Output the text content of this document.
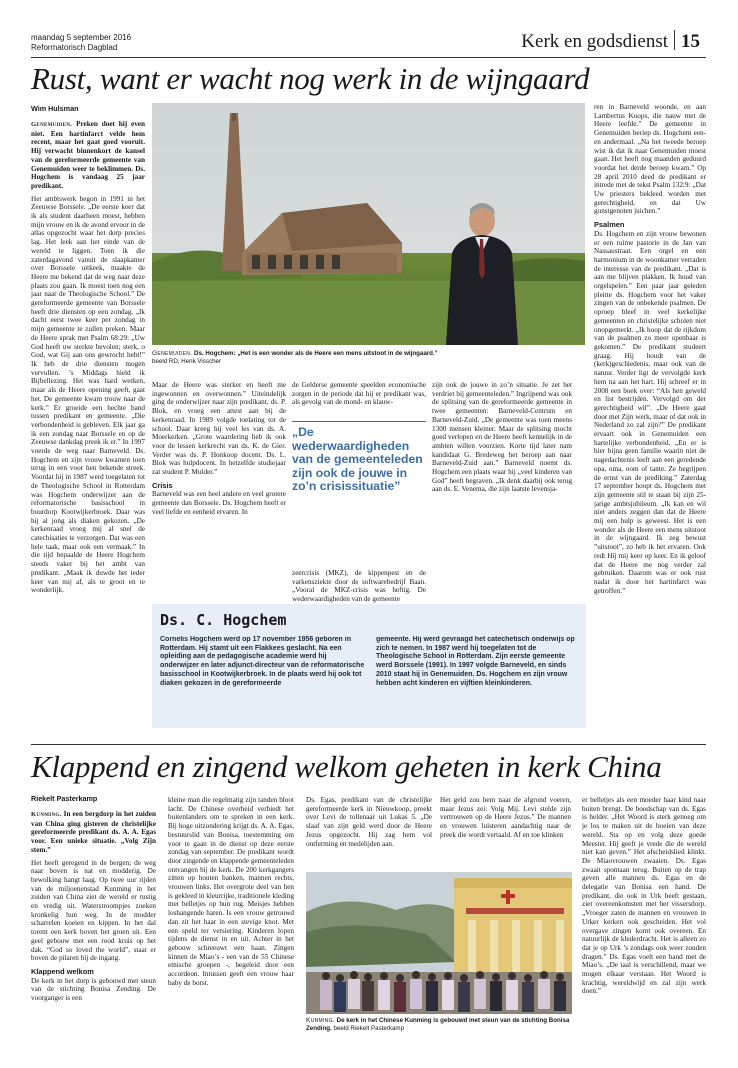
maandag 5 september 2016
Reformatorisch Dagblad	Kerk en godsdienst 15
Rust, want er wacht nog werk in de wijngaard
Wim Hulsman

Genemuiden. Preken doet hij even niet. Een hartinfarct velde hem recent, maar het gaat goed vooruit. Hij verwacht binnenkort de kansel van de gereformeerde gemeente van Genemuiden weer te beklimmen. Ds. Hogchem is vandaag 25 jaar predikant.

Het ambtswerk begon in 1991 in het Zeeuwse Borssele. „De eerste keer dat ik als student daarheen moest, hebben mijn vrouw en ik de avond ervoor in de atlas opgezocht waar het dorp precies lag. Het leek aan het einde van de wereld te liggen. Toen ik die zaterdagavond vanuit de slaapkamer over Borssele uitkeek, maakte de Heere me bekend dat de weg naar deze plaats zou gaan. Ik moest toen nog een jaar naar de Theologische School.” De gereformeerde gemeente van Borssele heeft drie diensten op een zondag. „Ik dacht eerst twee keer per zondag in mijn gemeente te zullen preken. Maar de Heere sprak met Psalm 68:29: „Uw God heeft uw sterkte bevolen; sterk, o God, wat Gij aan ons gewrocht hebt!” Ik heb de drie diensten mogen vervullen. ’s Middags hield ik Bijbellezing. Het was hard werken, maar als de Heere opening geeft, gaat het. De gemeente kwam trouw naar de kerk.” Er groeide een hechte band tussen predikant en gemeente. „Die verbondenheid is gebleven. Elk jaar ga ik een zondag naar Borssele en op de Zeeuwse dankdag preek ik er.” In 1997 voerde de weg naar Barneveld. Ds. Hogchem en zijn vrouw kwamen toen terug in een voor hen bekende streek. Voordat hij in 1987 werd toegelaten tot de Theologische School in Rotterdam was Hogchem onderwijzer aan de reformatorische basisschool in buurdorp Kootwijkerbroek. Daar was hij al jong als diaken gekozen. „De kerkenraad vroeg mij al snel de catechisaties te verzorgen. Dat was een hele taak, maar ook een vermaak.” In die tijd bepaalde de Heere Hogchem steeds vaker bij het ambt van predikant. „Maak ik duwde het ieder keer van mij af, als te groot en te wonderlijk.

Genemuiden. Ds. Hogchem: „Het is een wonder als de Heere een mens uitstoot in de wijngaard.”
beeld RD, Henk Visscher

Maar de Heere was sterker en heeft me ingewonnen en overwonnen.” Uiteindelijk ging de onderwijzer naar zijn predikant, ds. P. Blok, en vroeg een attest aan bij de kerkenraad. In 1989 volgde toelating tot de school. Daar kreeg hij veel les van ds. A. Moerkerken. „Grote waardering heb ik ook voor de lessen kerkrecht van ds. K. de Gier. Verder was ds. P. Honkoop docent. Ds. L. Blok was hulpdocent. In hetzelfde studiejaar zat student P. Mulder.”

Crisis

Barneveld was een heel andere en veel grotere gemeente dan Borssele. Ds. Hogchem heeft er veel liefde en eenheid ervaren. In

de Gelderse gemeente speelden economische zorgen in de periode dat hij er predikant was, als gevolg van de mond- en klauw-

„De wederwaardigheden van de gemeenteleden zijn ook de jouwe in zo’n crisissituatie”

zeercrisis (MKZ), de kippenpest en de varkensziekte door de softwarebedrijf Baan. „Vooral de MKZ-crisis was heftig. De wederwaardigheden van de gemeente

zijn ook de jouwe in zo’n situatie. Je zet het verdriet bij gemeenteleden.” Ingrijpend was ook de splitsing van de gereformeerde gemeente in twee gemeenten: Barneveld-Centrum en Barneveld-Zuid. „De gemeente was toen meens 1300 mensen kleiner. Maar de splitsing mocht goed verlopen en de Heere heeft kennelijk in de ambten willen voorzien. Korte tijd later nam kandidaat G. Bredeweg het beroep aan naar Barneveld-Zuid aan.” Barneveld noemt ds. Hogchem een plaats waar hij „veel kinderen van God” heeft begraven. „Ik denk daarbij ook terug aan ds. E. Venema, die zijn laatste levensja-

ren in Barneveld woonde, en aan Lambertus Koops, die nauw met de Heere leefde.” De gemeente in Genemuiden beriep ds. Hogchem een- en andermaal. „Na het tweede beroep wist ik dat ik naar Genemuiden moest gaan. Het heeft nog maanden geduurd voordat het derde beroep kwam.” Op 28 april 2010 deed de predikant er intrede met de tekst Psalm 132:9: „Dat Uw priesters bekleed worden met gerechtigheid, en dat Uw gunstgenoten juichen.”

Psalmen

Ds. Hogchem en zijn vrouw bewonen er een ruime pastorie in de Jan van Nassaustraat. Een orgel en een harmonium in de woonkamer verraden de interesse van de predikant. „Dat is aan me blijven plakken. Ik houd van orgelspelen.” Een paar jaar geleden pleitte ds. Hogchem voor het vaker zingen van de onbekende psalmen. De oproep bleef in veel kerkelijke gemeenten en christelijke scholen niet onopgemerkt. „Ik hoop dat de rijkdom van de psalmen zo meer openbaar is gekomen.” De predikant studeert graag. Hij houdt van de (kerk)geschiedenis, maar ook van de natuur. Verder ligt de vervolgde kerk hem na aan het hart. Hij schreef er in 2008 een boek over: “Als hen geweld en list bestrijden. Vervolgd om der gerechtigheid wil”. „De Heere gaat door met Zijn werk, maar of dat ook in Nederland zo zal zijn?” De predikant ervaart ook in Genemuiden een hartelijke verbondenheid. „En er is hier bijna geen familie waarin niet de nagedachtenis leeft aan een geredende opa, oma, oom of tante. Ze begrijpen de ernst van de prediking.” Zaterdag 17 september hoopt ds. Hogchem met zijn gemeente stil te staan bij zijn 25-jarige ambtsjubileum. „Ik kan en wil niet anders zeggen dan dat de Heere mij een hulp is geweest. Het is een wonder als de Heere een mens uitstoot in de wijngaard. Ik zeg bewust ”uitstoot”, zo heb ik het ervaren. Ook redt Hij mij keer op keer. En ik geloof dat de Heere me nog verder zal gebruiken. Daarom was er ook rust nadat ik door het hartinfarct was getroffen.”

Ds. C. Hogchem
Cornelis Hogchem werd op 17 november 1956 geboren in Rotterdam. Hij stamt uit een Flakkees geslacht. Na een opleiding aan de pedagogische academie werd hij onderwijzer en later adjunct-directeur van de reformatorische basisschool in Kootwijkerbroek. In de plaats werd hij ook tot diaken gekozen in de gereformeerde
gemeente. Hij werd gevraagd het catechetisch onderwijs op zich te nemen. In 1987 werd hij toegelaten tot de Theologische School in Rotterdam. Zijn eerste gemeente werd Borssele (1991). In 1997 volgde Barneveld, en sinds 2010 staat hij in Genemuiden. Ds. Hogchem en zijn vrouw hebben acht kinderen en vijftien kleinkinderen.
Klappend en zingend welkom geheten in kerk China
Riekelt Pasterkamp

Kunming. In een bergdorp in het zuiden van China ging gisteren de christelijke gereformeerde predikant ds. A. A. Egas voor. Een unieke situatie. „Volg Zijn stem.”

Het heeft geregend in de bergen; de weg naar boven is nat en modderig. De bewolking hangt laag. Op twee uur rijden van de miljoenenstad Kunming in het zuiden van China ziet de wereld er rustig en vredig uit. Waterstroompjes zoeken kronkelig hun weg. In de modder scharrelen koeien en kippen. In het dal torent een kerk boven het groen uit. Een geel gebouw met een rood kruis op het dak. “God so loved the world”, staat er boven de pilaren bij de ingang.

Klappend welkom

De kerk in het dorp is gebouwd met steun van de stichting Bonisa Zending. De voorganger is een

kleine man die regelmatig zijn tanden bloot lacht. De Chinese overheid verbiedt het buitenlanders om te spreken in een kerk. Bij hoge uitzondering krijgt ds. A. A. Egas, bestuurslid van Bonisa, toestemming om voor te gaan in de dienst op deze eerste zondag van september. De predikant wordt door zingende en klappende gemeenteleden ontvangen bij de kerk. De 200 kerkgangers zitten op houten banken, mannen rechts, vrouwen links. Het overgrote deel van hen is gekleed in kleurrijke, traditionele kleding met belletjes op hun rug. Meisjes hebben loshangende haren. Is een vrouw getrouwd dan zit het haar in een stevige knot. Met een speld ter versiering. Kinderen lopen tijdens de dienst in en uit. Achter in het gebouw schreeuwt een haan. Zingen kinnen de Miao’s - een van de 55 Chinese etnische groepen -, begeleid door een accordeon. Intussen geeft een vrouw haar baby de borst.

Ds. Egas, predikant van de christelijke gereformeerde kerk in Nieuwkoop, preekt over Levi de tollenaar uit Lukas 5. „De slaaf van zijn geld werd door de Heere Jezus opgezocht. Hij zag hem vol ontferming en medelijden aan.

Het geld zou hem naar de afgrond voeren, maar Jezus zei: Volg Mij. Levi stelde zijn vertrouwen op de Heere Jezus.” De mannen en vrouwen luisteren aandachtig naar de preek die wordt vertaald. Af en toe klinken

Kunming. De kerk in het Chinese Kunming is gebouwd met steun van de stichting Bonisa Zending. beeld Riekelt Pasterkamp

er belletjes als een moeder haar kind naar buiten brengt. De boodschap van ds. Egas is helder. „Het Woord is sterk genoeg om je los te maken uit de boeien van deze wereld. Sta op en volg deze goede Meester. Hij geeft je vrede die de wereld niet kan geven.” Het afscheidslied klinkt. De Miaovrouwen zwaaien. Ds. Egas zwaait spontaan terug. Buiten op de trap geven alle mannen ds. Egas en de delegatie van Bonisa een hand. De predikant, die ook in Urk heeft gestaan, ziet overeenkomsten met het vissersdorp. „Vroeger zaten de mannen en vrouwen in Urker kerken ook gescheiden. Het vol overgave zingen komt ook overeen. En natuurlijk de klederdracht. Het is alleen zo dat je op Urk ’s zondags ook weer zouden dragen.” Ds. Egas voelt een band met de Miao’s. „De taal is verschillend, maar we mogen elkaar verstaan. Het Woord is krachtig, wereldwijd en zal zijn werk doen.”
